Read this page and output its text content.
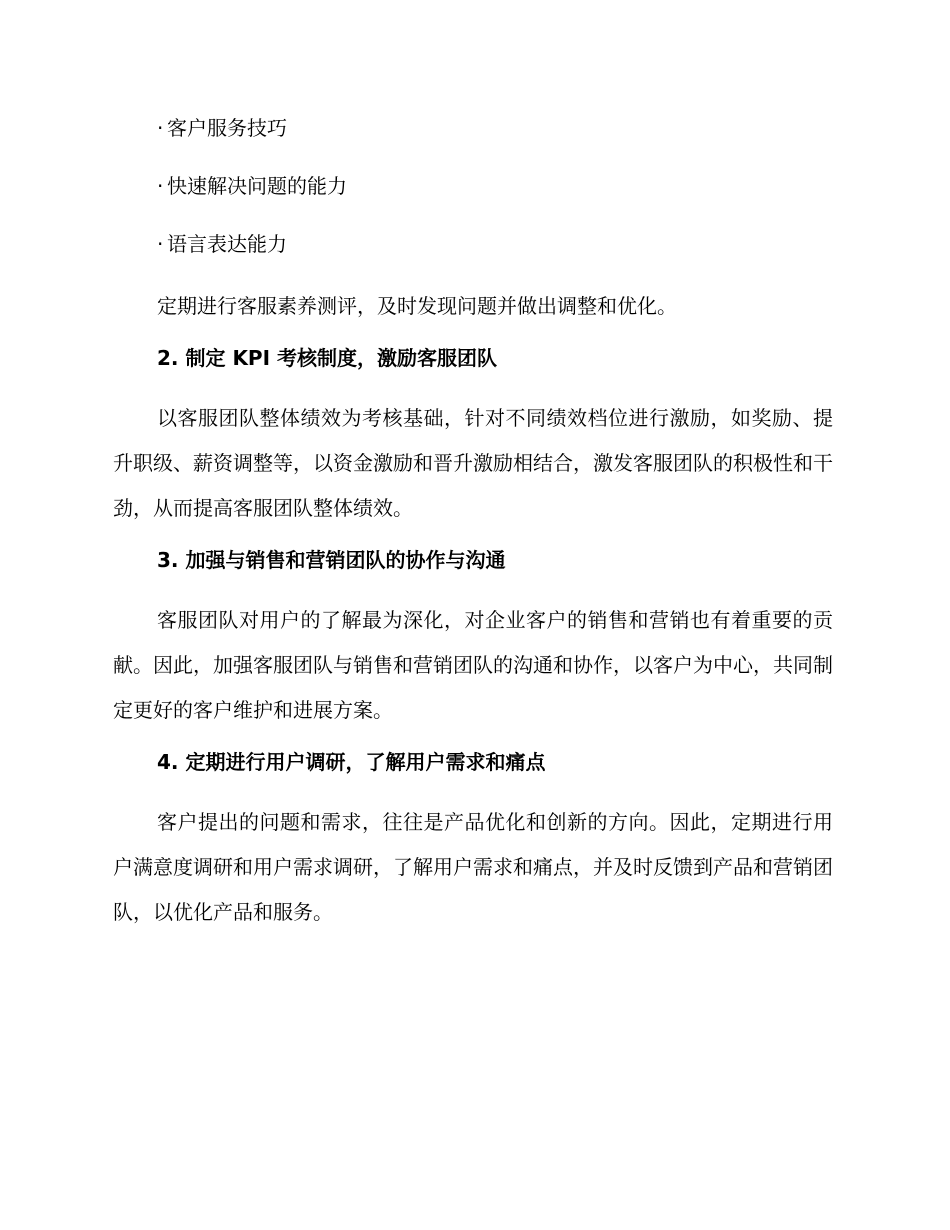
· 客户服务技巧
· 快速解决问题的能力
· 语言表达能力

定期进行客服素养测评，及时发现问题并做出调整和优化。

2. 制定 KPI 考核制度，激励客服团队

以客服团队整体绩效为考核基础，针对不同绩效档位进行激励，如奖励、提升职级、薪资调整等，以资金激励和晋升激励相结合，激发客服团队的积极性和干劲，从而提高客服团队整体绩效。

3. 加强与销售和营销团队的协作与沟通

客服团队对用户的了解最为深化，对企业客户的销售和营销也有着重要的贡献。因此，加强客服团队与销售和营销团队的沟通和协作，以客户为中心，共同制定更好的客户维护和进展方案。

4. 定期进行用户调研，了解用户需求和痛点

客户提出的问题和需求，往往是产品优化和创新的方向。因此，定期进行用户满意度调研和用户需求调研，了解用户需求和痛点，并及时反馈到产品和营销团队，以优化产品和服务。
